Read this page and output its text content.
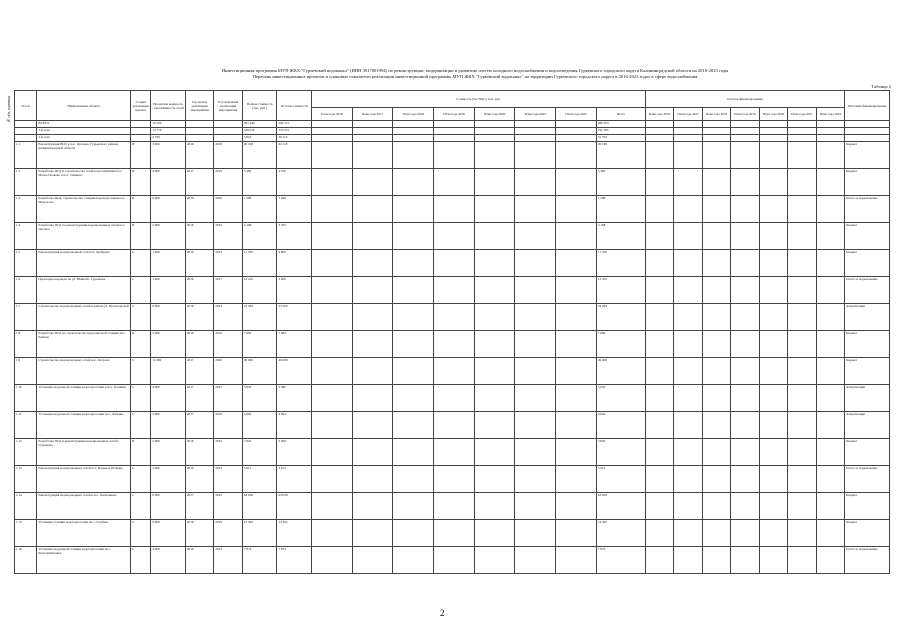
Инвестиционная программа МУП ЖКХ "Гурьевский водоканал" (ИНН 3917001994) по реконструкции, модернизации и развитию систем холодного водоснабжения и водоотведения Гурьевского городского округа Калининградской области на 2016-2023 годы
Перечень инвестиционных проектов и плановые показатели реализации инвестиционной программы МУП ЖКХ "Гурьевский водоканал" на территории Гурьевского городского округа в 2016-2023 годах в сфере водоснабжения
Таблица 2
№ п/п, единица	№ п/п	Наименование объекта	Стадия реализации проекта	Проектная мощность / протяжённость сетей	Год начала реализации мероприятия	Год окончания реализации мероприятия	Полная стоимость (тыс. руб.)	Остаток стоимости	Стоимость (без НДС), тыс. руб.								Остаток финансирования							Источник финансирования
								План года 2016	План года 2017	План года 2018	План года 2019	План года 2020	План года 2021	План года 2022	Итого	План года 2016	План года 2017	План года 2018	План года 2019	План года 2020	План года 2021	План года 2022	
	ВСЕГО		16 100			305 240	264 115								286 303								
	1-й этап		13 770			168 910	174 551								211 503								
	2-й этап		2 330			5 810	39 112								31 704								
1.1	Реконструкция ВОС в пос. Орловка, Гурьевского района, Калининградской области	П	3 000	2016	2018	26 198	22 118								26 198								Бюджет
1.2	Разработка ПСД и строительство сетей водоснабжения пос. Малое Исаково и пос. Ушаково	П	4 000	2017	2019	5 482	4 100								5 482								Бюджет
1.3	Разработка ПСД, строительство станции водоподготовки пос. Матросово	П	6 000	2018	2020	1 298	1 298								1 298								Плата за подключение
1.4	Разработка ПСД по реконструкции водопроводных сетей пос. Луговое	П	2 000	2016	2022	4 168	3 700								4 168								Бюджет
1.5	Реконструкция водопроводной сети пос. Храброво	С	1 400	2016	2023	11 706	9 800								11 706								Бюджет
1.6	Прокладка водовода по ул. Южной г. Гурьевска	С	1 400	2016	2017	12 476	3 200								12 476								Плата за подключение
1.7	Строительство водопроводных сетей в районе ул. Пролетарской	С	8 000	2016	2023	23 204	23 204								23 204								Амортизация
1.8	Разработка ПСД на строительство водоочистной станции пос. Рыбное	П	5 000	2016	2016	7 082	7 082								7 082								Бюджет
1.9	Строительство водопроводных сетей пос. Петрово	С	11 000	2017	2020	49 000	46 008								49 000								Бюджет
1.10	Установка модульной станции водоподготовки в пос. Родники	С	4 000	2017	2022	5 650	5 380								5 650								Амортизация
1.11	Установка модульной станции водоподготовки пос. Добрино	С	5 000	2017	2018	4 004	4 004								4 004								Амортизация
1.12	Разработка ПСД и реконструкция водопроводных сетей г. Гурьевска	П	2 000	2016	2022	5 822	5 200								5 822								Бюджет
1.13	Реконструкция водопроводных сетей пос. Большое Исаково	С	2 000	2016	2023	3 912	3 912								3 912								Плата за подключение
1.14	Реконструкция водопроводных сетей в пос. Васильково	С	8 000	2017	2022	63 058	63 058								63 058								Бюджет
1.15	Установка станции водоподготовки пос. Голубево	С	9 000	2016	2019	14 392	14 392								14 392								Бюджет
1.16	Установка модульной станции водоподготовки пос. Константиновка	С	4 000	2016	2023	7 874	7 874								7 874								Плата за подключение
2
